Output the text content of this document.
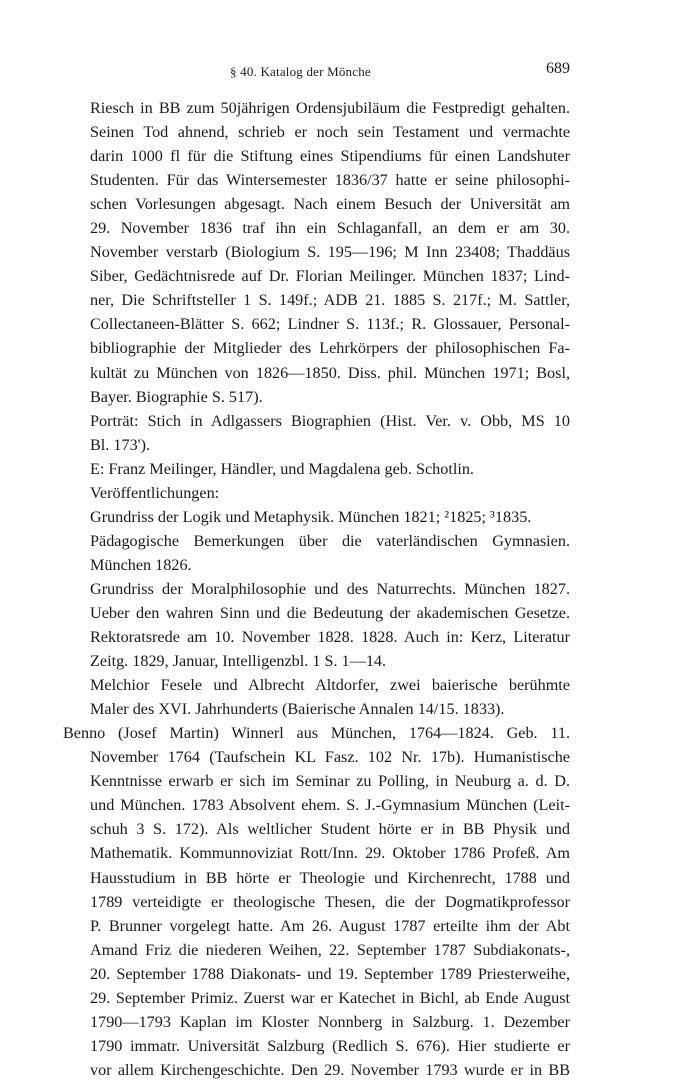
§ 40. Katalog der Mönche	689
Riesch in BB zum 50jährigen Ordensjubiläum die Festpredigt gehalten.
Seinen Tod ahnend, schrieb er noch sein Testament und vermachte
darin 1000 fl für die Stiftung eines Stipendiums für einen Landshuter
Studenten. Für das Wintersemester 1836/37 hatte er seine philosophi-
schen Vorlesungen abgesagt. Nach einem Besuch der Universität am
29. November 1836 traf ihn ein Schlaganfall, an dem er am 30.
November verstarb (Biologium S. 195—196; M Inn 23408; Thaddäus
Siber, Gedächtnisrede auf Dr. Florian Meilinger. München 1837; Lind-
ner, Die Schriftsteller 1 S. 149f.; ADB 21. 1885 S. 217f.; M. Sattler,
Collectaneen-Blätter S. 662; Lindner S. 113f.; R. Glossauer, Personal-
bibliographie der Mitglieder des Lehrkörpers der philosophischen Fa-
kultät zu München von 1826—1850. Diss. phil. München 1971; Bosl,
Bayer. Biographie S. 517).
Porträt: Stich in Adlgassers Biographien (Hist. Ver. v. Obb, MS 10
Bl. 173').
E: Franz Meilinger, Händler, und Magdalena geb. Schotlin.
Veröffentlichungen:
Grundriss der Logik und Metaphysik. München 1821; ²1825; ³1835.
Pädagogische Bemerkungen über die vaterländischen Gymnasien.
München 1826.
Grundriss der Moralphilosophie und des Naturrechts. München 1827.
Ueber den wahren Sinn und die Bedeutung der akademischen Gesetze.
Rektoratsrede am 10. November 1828. 1828. Auch in: Kerz, Literatur
Zeitg. 1829, Januar, Intelligenzbl. 1 S. 1—14.
Melchior Fesele und Albrecht Altdorfer, zwei baierische berühmte
Maler des XVI. Jahrhunderts (Baierische Annalen 14/15. 1833).
Benno (Josef Martin) Winnerl aus München, 1764—1824. Geb. 11.
November 1764 (Taufschein KL Fasz. 102 Nr. 17b). Humanistische
Kenntnisse erwarb er sich im Seminar zu Polling, in Neuburg a. d. D.
und München. 1783 Absolvent ehem. S. J.-Gymnasium München (Leit-
schuh 3 S. 172). Als weltlicher Student hörte er in BB Physik und
Mathematik. Kommunnoviziat Rott/Inn. 29. Oktober 1786 Profeß. Am
Hausstudium in BB hörte er Theologie und Kirchenrecht, 1788 und
1789 verteidigte er theologische Thesen, die der Dogmatikprofessor
P. Brunner vorgelegt hatte. Am 26. August 1787 erteilte ihm der Abt
Amand Friz die niederen Weihen, 22. September 1787 Subdiakonats-,
20. September 1788 Diakonats- und 19. September 1789 Priesterweihe,
29. September Primiz. Zuerst war er Katechet in Bichl, ab Ende August
1790—1793 Kaplan im Kloster Nonnberg in Salzburg. 1. Dezember
1790 immatr. Universität Salzburg (Redlich S. 676). Hier studierte er
vor allem Kirchengeschichte. Den 29. November 1793 wurde er in BB
